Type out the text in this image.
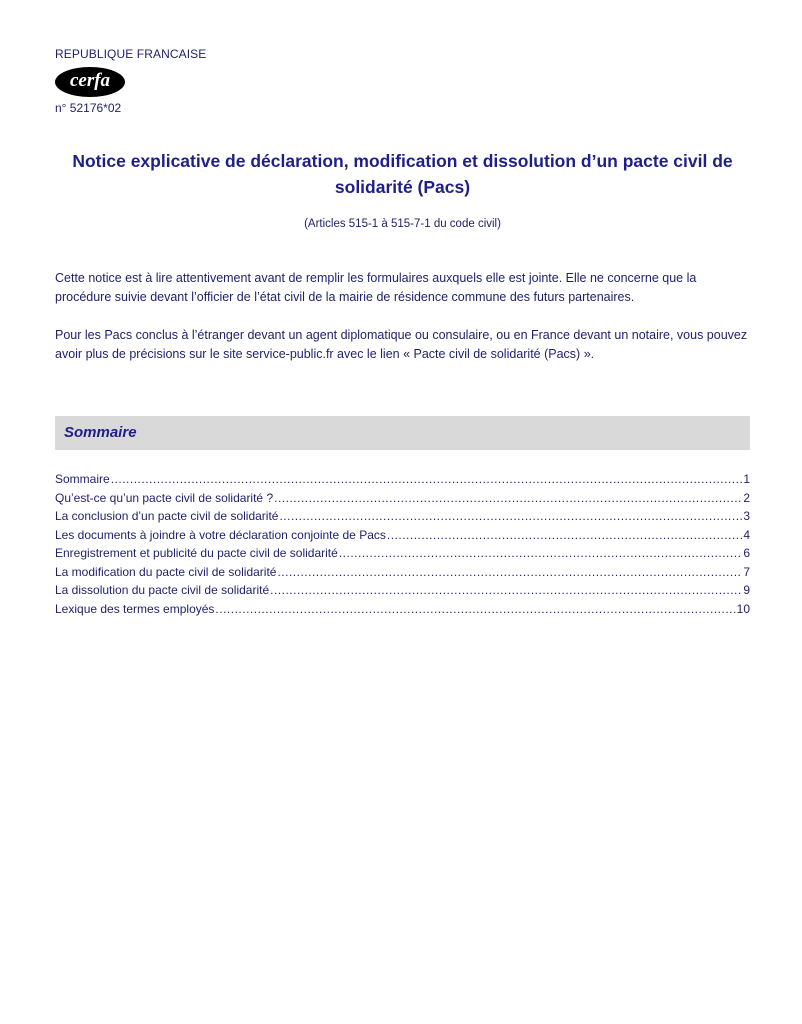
REPUBLIQUE FRANCAISE
cerfa
n° 52176*02
Notice explicative de déclaration, modification et dissolution d’un pacte civil de solidarité (Pacs)
(Articles 515-1 à 515-7-1 du code civil)
Cette notice est à lire attentivement avant de remplir les formulaires auxquels elle est jointe. Elle ne concerne que la procédure suivie devant l’officier de l’état civil de la mairie de résidence commune des futurs partenaires.
Pour les Pacs conclus à l’étranger devant un agent diplomatique ou consulaire, ou en France devant un notaire, vous pouvez avoir plus de précisions sur le site service-public.fr avec le lien « Pacte civil de solidarité (Pacs) ».
Sommaire
Sommaire .....	1
Qu’est-ce qu’un pacte civil de solidarité ? .....	2
La conclusion d’un pacte civil de solidarité .....	3
Les documents à joindre à votre déclaration conjointe de Pacs .....	4
Enregistrement et publicité du pacte civil de solidarité .....	6
La modification du pacte civil de solidarité .....	7
La dissolution du pacte civil de solidarité .....	9
Lexique des termes employés .....	10
